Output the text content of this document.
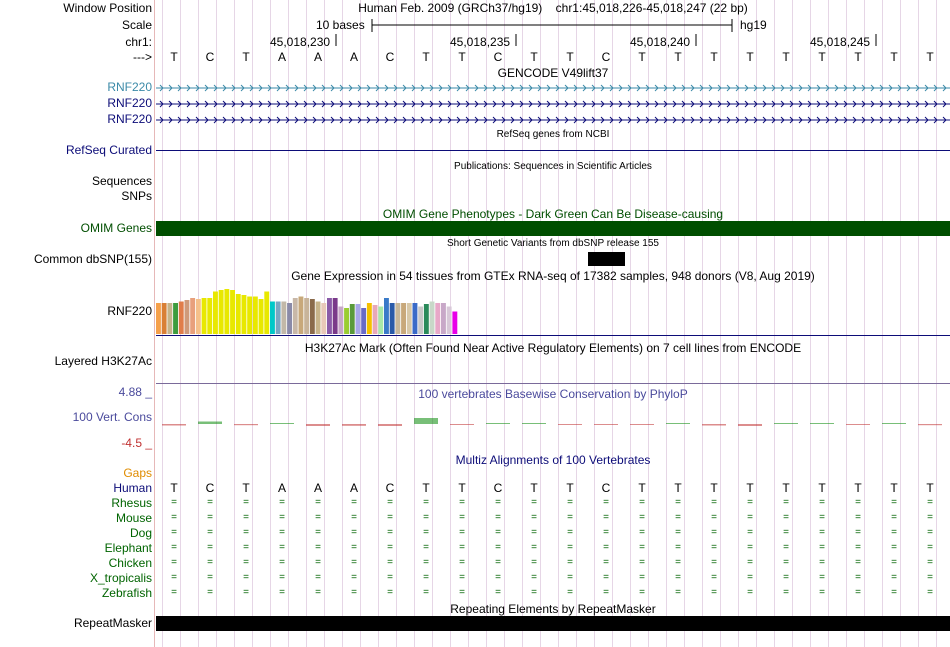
Window Position
Scale
chr1:
--->
RNF220
RNF220
RNF220
RefSeq Curated
Sequences
SNPs
OMIM Genes
Common dbSNP(155)
RNF220
Layered H3K27Ac
4.88 _
100 Vert. Cons
-4.5 _
Gaps
Human
Rhesus
Mouse
Dog
Elephant
Chicken
X_tropicalis
Zebrafish
RepeatMasker
Human Feb. 2009 (GRCh37/hg19) chr1:45,018,226-45,018,247 (22 bp)
10 bases	hg19
45,018,230	45,018,235	45,018,240	45,018,245
T C T A A A C T T C T T C T T T T T T T T T
GENCODE V49lift37
RefSeq genes from NCBI
Publications: Sequences in Scientific Articles
OMIM Gene Phenotypes - Dark Green Can Be Disease-causing
Short Genetic Variants from dbSNP release 155
Gene Expression in 54 tissues from GTEx RNA-seq of 17382 samples, 948 donors (V8, Aug 2019)
H3K27Ac Mark (Often Found Near Active Regulatory Elements) on 7 cell lines from ENCODE
100 vertebrates Basewise Conservation by PhyloP
Multiz Alignments of 100 Vertebrates
T C T A A A C T T C T T C T T T T T T T T T
=	=	=	=	=	=	=	=	=	=	=	=	=	=	=	=	=	=	=	=	=	=
=	=	=	=	=	=	=	=	=	=	=	=	=	=	=	=	=	=	=	=	=	=
=	=	=	=	=	=	=	=	=	=	=	=	=	=	=	=	=	=	=	=	=	=
=	=	=	=	=	=	=	=	=	=	=	=	=	=	=	=	=	=	=	=	=	=
=	=	=	=	=	=	=	=	=	=	=	=	=	=	=	=	=	=	=	=	=	=
=	=	=	=	=	=	=	=	=	=	=	=	=	=	=	=	=	=	=	=	=	=
=	=	=	=	=	=	=	=	=	=	=	=	=	=	=	=	=	=	=	=	=	=
Repeating Elements by RepeatMasker
